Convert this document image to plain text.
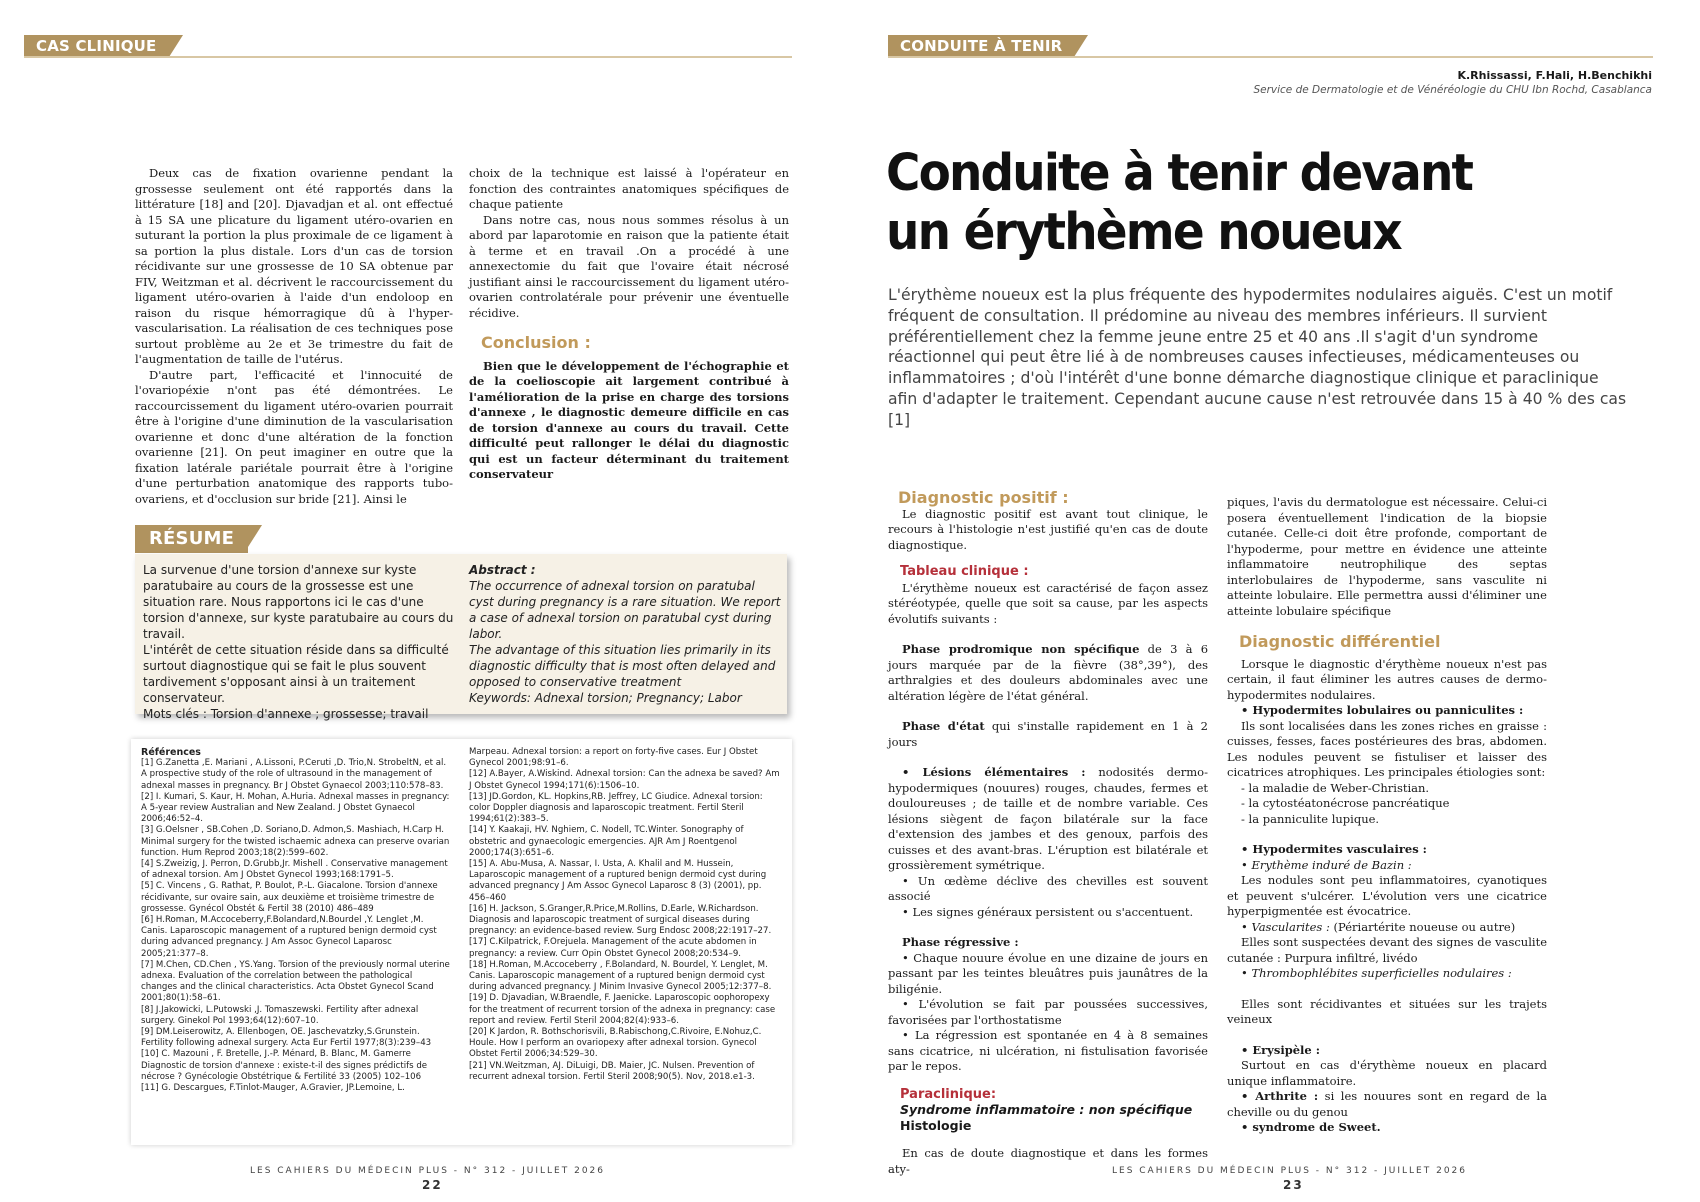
CAS CLINIQUE

Deux cas de fixation ovarienne pendant la grossesse seulement ont été rapportés dans la littérature [18] and [20]. Djavadjan et al. ont effectué à 15 SA une plicature du ligament utéro-ovarien en suturant la portion la plus proximale de ce ligament à sa portion la plus distale. Lors d'un cas de torsion récidivante sur une grossesse de 10 SA obtenue par FIV, Weitzman et al. décrivent le raccourcissement du ligament utéro-ovarien à l'aide d'un endoloop en raison du risque hémorragique dû à l'hyper-vascularisation. La réalisation de ces techniques pose surtout problème au 2e et 3e trimestre du fait de l'augmentation de taille de l'utérus.

D'autre part, l'efficacité et l'innocuité de l'ovariopéxie n'ont pas été démontrées. Le raccourcissement du ligament utéro-ovarien pourrait être à l'origine d'une diminution de la vascularisation ovarienne et donc d'une altération de la fonction ovarienne [21]. On peut imaginer en outre que la fixation latérale pariétale pourrait être à l'origine d'une perturbation anatomique des rapports tubo-ovariens, et d'occlusion sur bride [21]. Ainsi le

choix de la technique est laissé à l'opérateur en fonction des contraintes anatomiques spécifiques de chaque patiente

Dans notre cas, nous nous sommes résolus à un abord par laparotomie en raison que la patiente était à terme et en travail .On a procédé à une annexectomie du fait que l'ovaire était nécrosé justifiant ainsi le raccourcissement du ligament utéro-ovarien controlatérale pour prévenir une éventuelle récidive.

Conclusion :

Bien que le développement de l'échographie et de la coelioscopie ait largement contribué à l'amélioration de la prise en charge des torsions d'annexe , le diagnostic demeure difficile en cas de torsion d'annexe au cours du travail. Cette difficulté peut rallonger le délai du diagnostic qui est un facteur déterminant du traitement conservateur

RÉSUME
La survenue d'une torsion d'annexe sur kyste paratubaire au cours de la grossesse est une situation rare. Nous rapportons ici le cas d'une torsion d'annexe, sur kyste paratubaire au cours du travail.
L'intérêt de cette situation réside dans sa difficulté surtout diagnostique qui se fait le plus souvent tardivement s'opposant ainsi à un traitement conservateur.
Mots clés : Torsion d'annexe ; grossesse; travail
Abstract :
The occurrence of adnexal torsion on paratubal cyst during pregnancy is a rare situation. We report a case of adnexal torsion on paratubal cyst during labor.
The advantage of this situation lies primarily in its diagnostic difficulty that is most often delayed and opposed to conservative treatment
Keywords: Adnexal torsion; Pregnancy; Labor

Références

[1] G.Zanetta ,E. Mariani , A.Lissoni, P.Ceruti ,D. Trio,N. StrobeltN, et al. A prospective study of the role of ultrasound in the management of adnexal masses in pregnancy. Br J Obstet Gynaecol 2003;110:578–83.

[2] I. Kumari, S. Kaur, H. Mohan, A.Huria. Adnexal masses in pregnancy: A 5-year review Australian and New Zealand. J Obstet Gynaecol 2006;46:52–4.

[3] G.Oelsner , SB.Cohen ,D. Soriano,D. Admon,S. Mashiach, H.Carp H. Minimal surgery for the twisted ischaemic adnexa can preserve ovarian function. Hum Reprod 2003;18(2):599–602.

[4] S.Zweizig, J. Perron, D.Grubb,Jr. Mishell . Conservative management of adnexal torsion. Am J Obstet Gynecol 1993;168:1791–5.

[5] C. Vincens , G. Rathat, P. Boulot, P.-L. Giacalone. Torsion d'annexe récidivante, sur ovaire sain, aux deuxième et troisième trimestre de grossesse. Gynécol Obstét & Fertil 38 (2010) 486–489

[6] H.Roman, M.Accoceberry,F.Bolandard,N.Bourdel ,Y. Lenglet ,M. Canis. Laparoscopic management of a ruptured benign dermoid cyst during advanced pregnancy. J Am Assoc Gynecol Laparosc 2005;21:377–8.

[7] M.Chen, CD.Chen , YS.Yang. Torsion of the previously normal uterine adnexa. Evaluation of the correlation between the pathological changes and the clinical characteristics. Acta Obstet Gynecol Scand 2001;80(1):58–61.

[8] J.Jakowicki, L.Putowski ,J. Tomaszewski. Fertility after adnexal surgery. Ginekol Pol 1993;64(12):607–10.

[9] DM.Leiserowitz, A. Ellenbogen, OE. Jaschevatzky,S.Grunstein. Fertility following adnexal surgery. Acta Eur Fertil 1977;8(3):239–43

[10] C. Mazouni , F. Bretelle, J.-P. Ménard, B. Blanc, M. Gamerre Diagnostic de torsion d'annexe : existe-t-il des signes prédictifs de nécrose ? Gynécologie Obstétrique & Fertilité 33 (2005) 102–106

[11] G. Descargues, F.Tinlot-Mauger, A.Gravier, JP.Lemoine, L.

Marpeau. Adnexal torsion: a report on forty-five cases. Eur J Obstet Gynecol 2001;98:91–6.

[12] A.Bayer, A.Wiskind. Adnexal torsion: Can the adnexa be saved? Am J Obstet Gynecol 1994;171(6):1506–10.

[13] JD.Gordon, KL. Hopkins,RB. Jeffrey, LC Giudice. Adnexal torsion: color Doppler diagnosis and laparoscopic treatment. Fertil Steril 1994;61(2):383–5.

[14] Y. Kaakaji, HV. Nghiem, C. Nodell, TC.Winter. Sonography of obstetric and gynaecologic emergencies. AJR Am J Roentgenol 2000;174(3):651–6.

[15] A. Abu-Musa, A. Nassar, I. Usta, A. Khalil and M. Hussein, Laparoscopic management of a ruptured benign dermoid cyst during advanced pregnancy J Am Assoc Gynecol Laparosc 8 (3) (2001), pp. 456–460

[16] H. Jackson, S.Granger,R.Price,M.Rollins, D.Earle, W.Richardson. Diagnosis and laparoscopic treatment of surgical diseases during pregnancy: an evidence-based review. Surg Endosc 2008;22:1917–27.

[17] C.Kilpatrick, F.Orejuela. Management of the acute abdomen in pregnancy: a review. Curr Opin Obstet Gynecol 2008;20:534–9.

[18] H.Roman, M.Accoceberry , F.Bolandard, N. Bourdel, Y. Lenglet, M. Canis. Laparoscopic management of a ruptured benign dermoid cyst during advanced pregnancy. J Minim Invasive Gynecol 2005;12:377–8.

[19] D. Djavadian, W.Braendle, F. Jaenicke. Laparoscopic oophoropexy for the treatment of recurrent torsion of the adnexa in pregnancy: case report and review. Fertil Steril 2004;82(4):933–6.

[20] K Jardon, R. Bothschorisvili, B.Rabischong,C.Rivoire, E.Nohuz,C. Houle. How I perform an ovariopexy after adnexal torsion. Gynecol Obstet Fertil 2006;34:529–30.

[21] VN.Weitzman, AJ. DiLuigi, DB. Maier, JC. Nulsen. Prevention of recurrent adnexal torsion. Fertil Steril 2008;90(5). Nov, 2018.e1-3.

LES CAHIERS DU MÉDECIN PLUS - N° 312 - JUILLET 2026
22
CONDUITE À TENIR
K.Rhissassi, F.Hali, H.Benchikhi
Service de Dermatologie et de Vénéréologie du CHU Ibn Rochd, Casablanca
Conduite à tenir devant
un érythème noueux
L'érythème noueux est la plus fréquente des hypodermites nodulaires aiguës. C'est un motif fréquent de consultation. Il prédomine au niveau des membres inférieurs. Il survient préférentiellement chez la femme jeune entre 25 et 40 ans .Il s'agit d'un syndrome réactionnel qui peut être lié à de nombreuses causes infectieuses, médicamenteuses ou inflammatoires ; d'où l'intérêt d'une bonne démarche diagnostique clinique et paraclinique afin d'adapter le traitement. Cependant aucune cause n'est retrouvée dans 15 à 40 % des cas [1]
Diagnostic positif :

Le diagnostic positif est avant tout clinique, le recours à l'histologie n'est justifié qu'en cas de doute diagnostique.

Tableau clinique :

L'érythème noueux est caractérisé de façon assez stéréotypée, quelle que soit sa cause, par les aspects évolutifs suivants :

Phase prodromique non spécifique de 3 à 6 jours marquée par de la fièvre (38°,39°), des arthralgies et des douleurs abdominales avec une altération légère de l'état général.

Phase d'état qui s'installe rapidement en 1 à 2 jours

• Lésions élémentaires : nodosités dermo-hypodermiques (nouures) rouges, chaudes, fermes et douloureuses ; de taille et de nombre variable. Ces lésions siègent de façon bilatérale sur la face d'extension des jambes et des genoux, parfois des cuisses et des avant-bras. L'éruption est bilatérale et grossièrement symétrique.

• Un œdème déclive des chevilles est souvent associé

• Les signes généraux persistent ou s'accentuent.

Phase régressive :

• Chaque nouure évolue en une dizaine de jours en passant par les teintes bleuâtres puis jaunâtres de la biligénie.

• L'évolution se fait par poussées successives, favorisées par l'orthostatisme

• La régression est spontanée en 4 à 8 semaines sans cicatrice, ni ulcération, ni fistulisation favorisée par le repos.

Paraclinique:
Syndrome inflammatoire : non spécifique
Histologie

En cas de doute diagnostique et dans les formes aty-

piques, l'avis du dermatologue est nécessaire. Celui-ci posera éventuellement l'indication de la biopsie cutanée. Celle-ci doit être profonde, comportant de l'hypoderme, pour mettre en évidence une atteinte inflammatoire neutrophilique des septas interlobulaires de l'hypoderme, sans vasculite ni atteinte lobulaire. Elle permettra aussi d'éliminer une atteinte lobulaire spécifique

Diagnostic différentiel

Lorsque le diagnostic d'érythème noueux n'est pas certain, il faut éliminer les autres causes de dermo-hypodermites nodulaires.

• Hypodermites lobulaires ou panniculites :

Ils sont localisées dans les zones riches en graisse : cuisses, fesses, faces postérieures des bras, abdomen. Les nodules peuvent se fistuliser et laisser des cicatrices atrophiques. Les principales étiologies sont:

- la maladie de Weber-Christian.

- la cytostéatonécrose pancréatique

- la panniculite lupique.

• Hypodermites vasculaires :

• Erythème induré de Bazin :

Les nodules sont peu inflammatoires, cyanotiques et peuvent s'ulcérer. L'évolution vers une cicatrice hyperpigmentée est évocatrice.

• Vascularites : (Périartérite noueuse ou autre)

Elles sont suspectées devant des signes de vasculite cutanée : Purpura infiltré, livédo

• Thrombophlébites superficielles nodulaires :

Elles sont récidivantes et situées sur les trajets veineux

• Erysipèle :

Surtout en cas d'érythème noueux en placard unique inflammatoire.

• Arthrite : si les nouures sont en regard de la cheville ou du genou

• syndrome de Sweet.

LES CAHIERS DU MÉDECIN PLUS - N° 312 - JUILLET 2026
23
